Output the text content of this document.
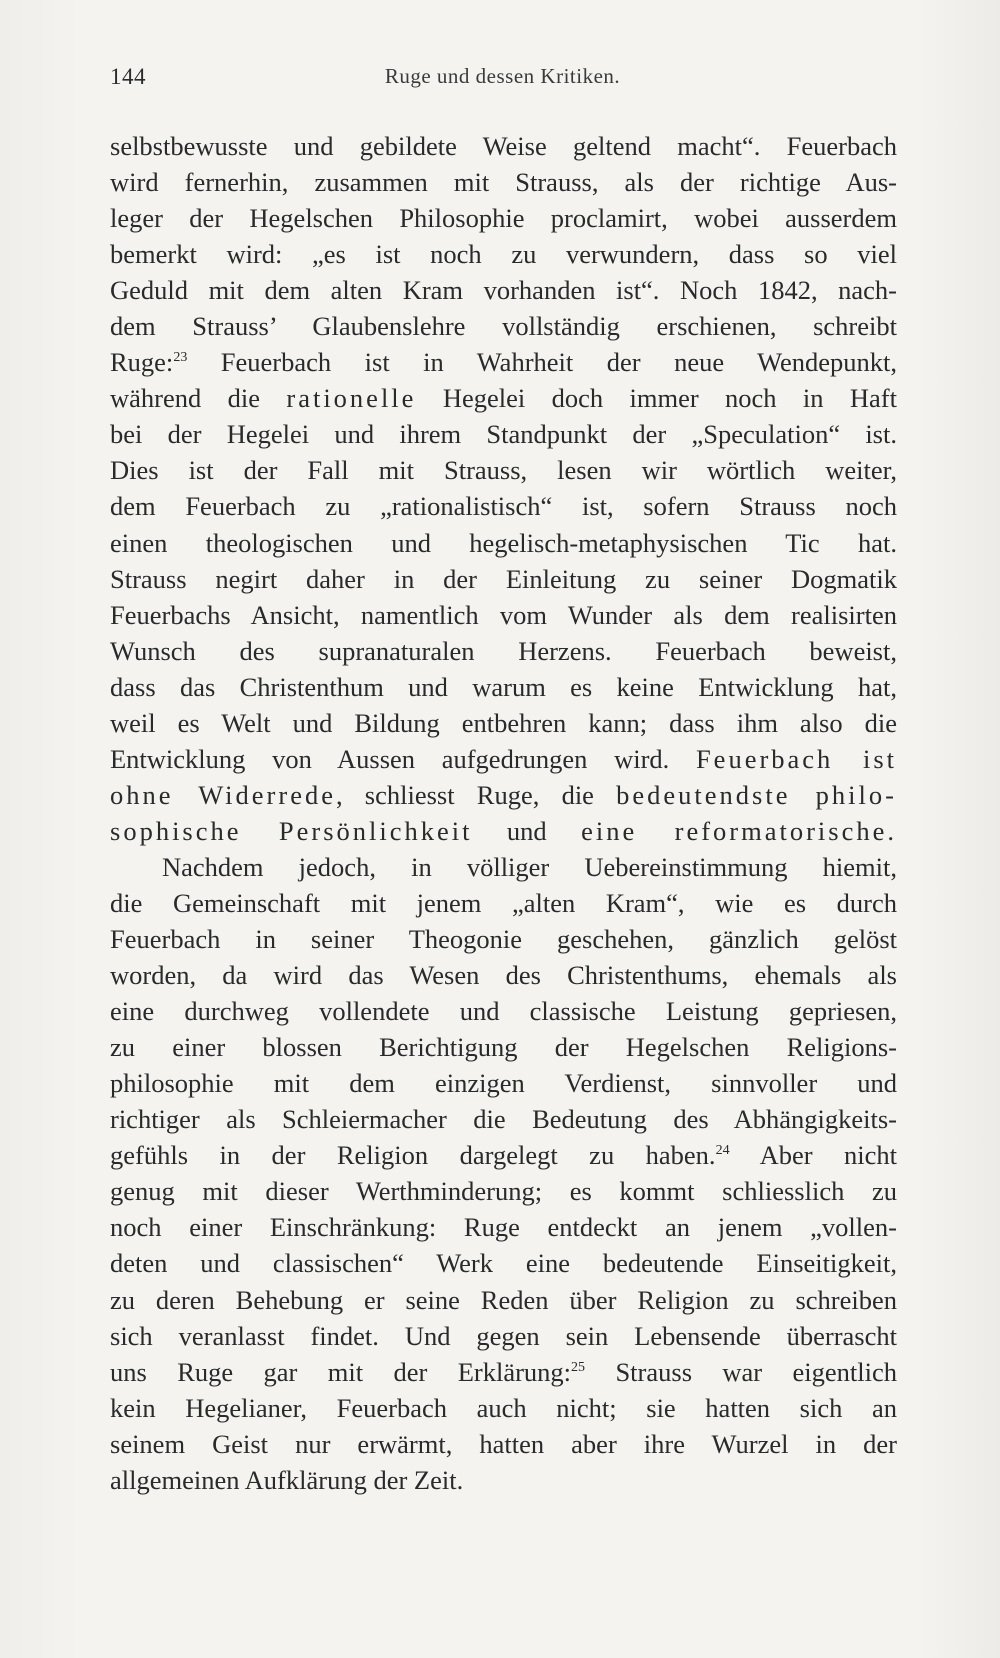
144	Ruge und dessen Kritiken.
selbstbewusste und gebildete Weise geltend macht“. Feuerbach
wird fernerhin, zusammen mit Strauss, als der richtige Aus-
leger der Hegelschen Philosophie proclamirt, wobei ausserdem
bemerkt wird: „es ist noch zu verwundern, dass so viel
Geduld mit dem alten Kram vorhanden ist“. Noch 1842, nach-
dem Strauss’ Glaubenslehre vollständig erschienen, schreibt
Ruge:$^{23}$ Feuerbach ist in Wahrheit der neue Wendepunkt,
während die rationelle Hegelei doch immer noch in Haft
bei der Hegelei und ihrem Standpunkt der „Speculation“ ist.
Dies ist der Fall mit Strauss, lesen wir wörtlich weiter,
dem Feuerbach zu „rationalistisch“ ist, sofern Strauss noch
einen theologischen und hegelisch-metaphysischen Tic hat.
Strauss negirt daher in der Einleitung zu seiner Dogmatik
Feuerbachs Ansicht, namentlich vom Wunder als dem realisirten
Wunsch des supranaturalen Herzens. Feuerbach beweist,
dass das Christenthum und warum es keine Entwicklung hat,
weil es Welt und Bildung entbehren kann; dass ihm also die
Entwicklung von Aussen aufgedrungen wird. Feuerbach ist
ohne Widerrede, schliesst Ruge, die bedeutendste philo-
sophische Persönlichkeit und eine reformatorische.
Nachdem jedoch, in völliger Uebereinstimmung hiemit,
die Gemeinschaft mit jenem „alten Kram“, wie es durch
Feuerbach in seiner Theogonie geschehen, gänzlich gelöst
worden, da wird das Wesen des Christenthums, ehemals als
eine durchweg vollendete und classische Leistung gepriesen,
zu einer blossen Berichtigung der Hegelschen Religions-
philosophie mit dem einzigen Verdienst, sinnvoller und
richtiger als Schleiermacher die Bedeutung des Abhängigkeits-
gefühls in der Religion dargelegt zu haben.$^{24}$ Aber nicht
genug mit dieser Werthminderung; es kommt schliesslich zu
noch einer Einschränkung: Ruge entdeckt an jenem „vollen-
deten und classischen“ Werk eine bedeutende Einseitigkeit,
zu deren Behebung er seine Reden über Religion zu schreiben
sich veranlasst findet. Und gegen sein Lebensende überrascht
uns Ruge gar mit der Erklärung:$^{25}$ Strauss war eigentlich
kein Hegelianer, Feuerbach auch nicht; sie hatten sich an
seinem Geist nur erwärmt, hatten aber ihre Wurzel in der
allgemeinen Aufklärung der Zeit.
